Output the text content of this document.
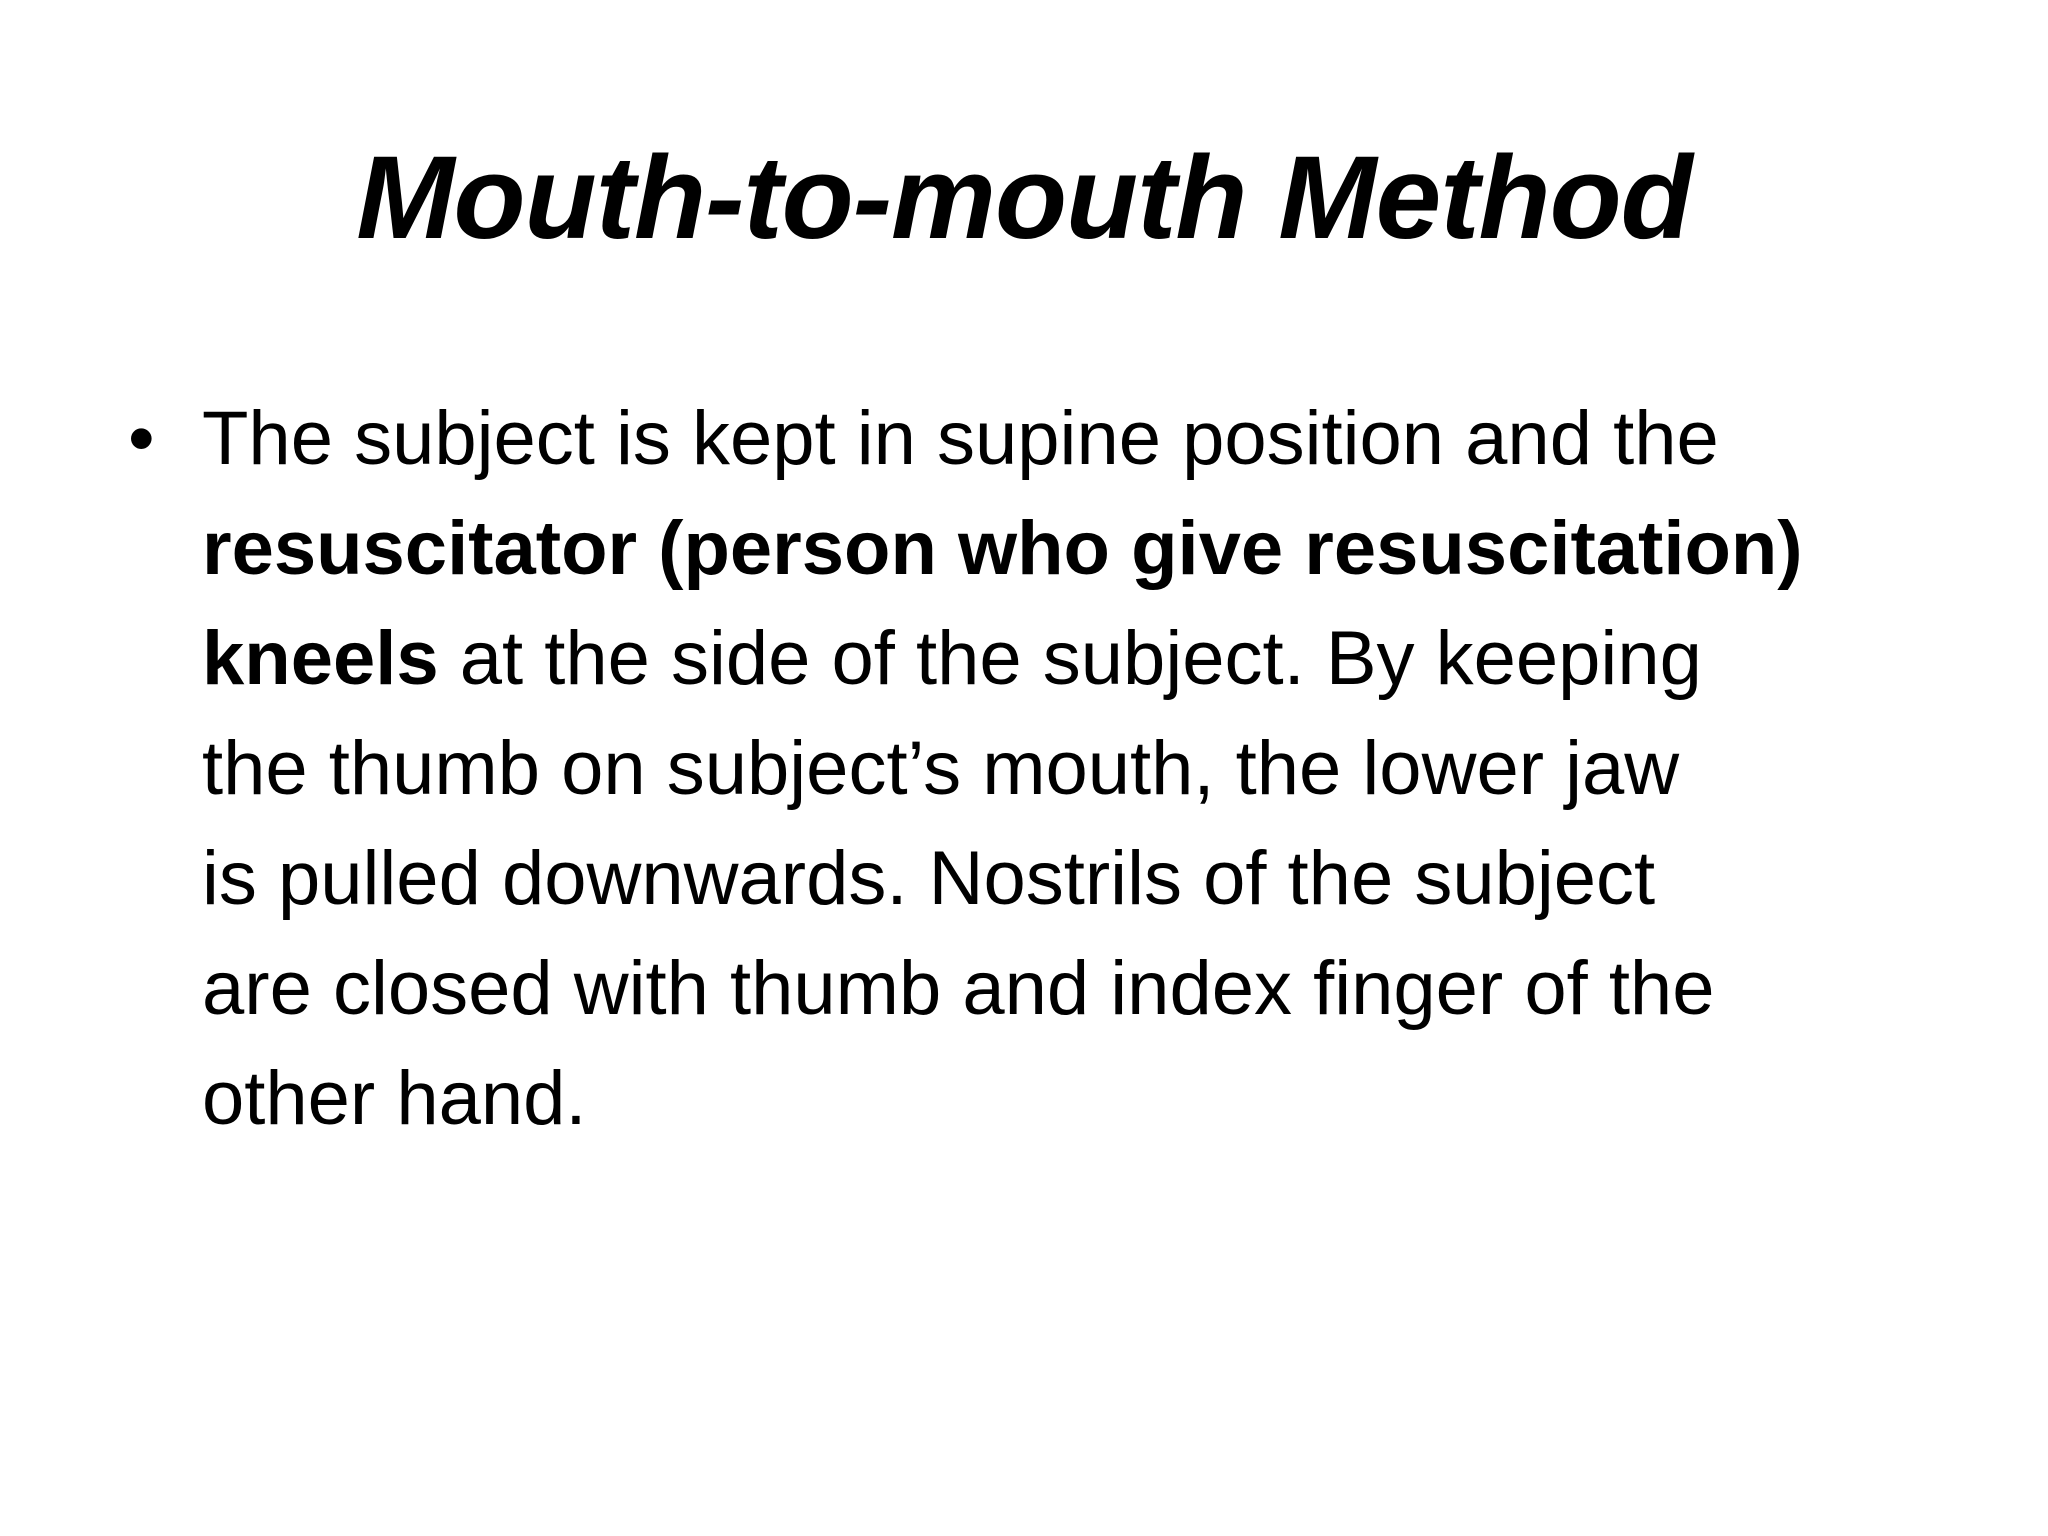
Mouth-to-mouth Method
• The subject is kept in supine position and the
resuscitator (person who give resuscitation)
kneels at the side of the subject. By keeping
the thumb on subject’s mouth, the lower jaw
is pulled downwards. Nostrils of the subject
are closed with thumb and index finger of the
other hand.
